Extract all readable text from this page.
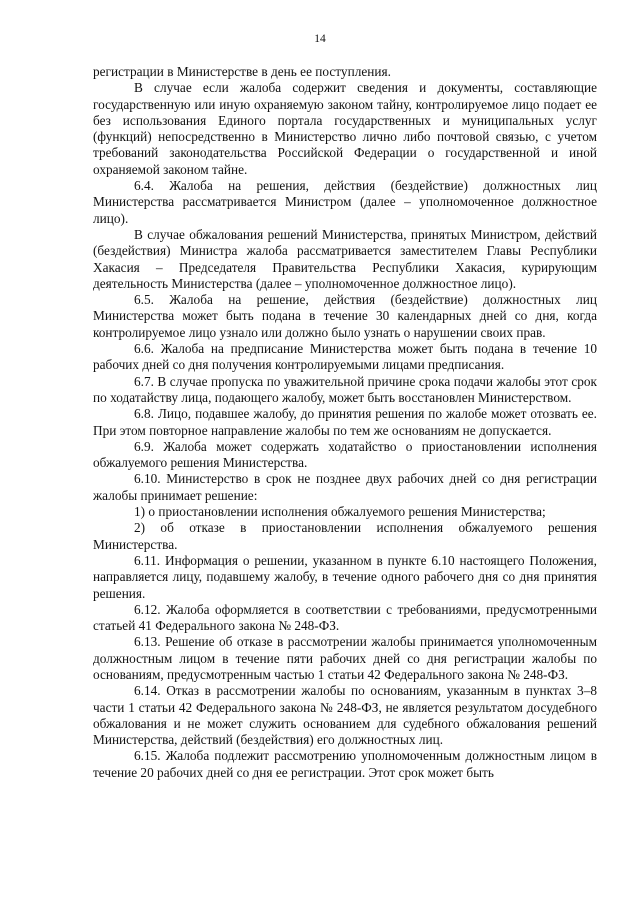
14

регистрации в Министерстве в день ее поступления.

В случае если жалоба содержит сведения и документы, составляющие государственную или иную охраняемую законом тайну, контролируемое лицо подает ее без использования Единого портала государственных и муниципальных услуг (функций) непосредственно в Министерство лично либо почтовой связью, с учетом требований законодательства Российской Федерации о государственной и иной охраняемой законом тайне.

6.4. Жалоба на решения, действия (бездействие) должностных лиц Министерства рассматривается Министром (далее – уполномоченное должностное лицо).

В случае обжалования решений Министерства, принятых Министром, действий (бездействия) Министра жалоба рассматривается заместителем Главы Республики Хакасия – Председателя Правительства Республики Хакасия, курирующим деятельность Министерства (далее – уполномоченное должностное лицо).

6.5. Жалоба на решение, действия (бездействие) должностных лиц Министерства может быть подана в течение 30 календарных дней со дня, когда контролируемое лицо узнало или должно было узнать о нарушении своих прав.

6.6. Жалоба на предписание Министерства может быть подана в течение 10 рабочих дней со дня получения контролируемыми лицами предписания.

6.7. В случае пропуска по уважительной причине срока подачи жалобы этот срок по ходатайству лица, подающего жалобу, может быть восстановлен Министерством.

6.8. Лицо, подавшее жалобу, до принятия решения по жалобе может отозвать ее. При этом повторное направление жалобы по тем же основаниям не допускается.

6.9. Жалоба может содержать ходатайство о приостановлении исполнения обжалуемого решения Министерства.

6.10. Министерство в срок не позднее двух рабочих дней со дня регистрации жалобы принимает решение:

1) о приостановлении исполнения обжалуемого решения Министерства;

2) об отказе в приостановлении исполнения обжалуемого решения Министерства.

6.11. Информация о решении, указанном в пункте 6.10 настоящего Положения, направляется лицу, подавшему жалобу, в течение одного рабочего дня со дня принятия решения.

6.12. Жалоба оформляется в соответствии с требованиями, предусмотренными статьей 41 Федерального закона № 248-ФЗ.

6.13. Решение об отказе в рассмотрении жалобы принимается уполномоченным должностным лицом в течение пяти рабочих дней со дня регистрации жалобы по основаниям, предусмотренным частью 1 статьи 42 Федерального закона № 248-ФЗ.

6.14. Отказ в рассмотрении жалобы по основаниям, указанным в пунктах 3–8 части 1 статьи 42 Федерального закона № 248-ФЗ, не является результатом досудебного обжалования и не может служить основанием для судебного обжалования решений Министерства, действий (бездействия) его должностных лиц.

6.15. Жалоба подлежит рассмотрению уполномоченным должностным лицом в течение 20 рабочих дней со дня ее регистрации. Этот срок может быть
